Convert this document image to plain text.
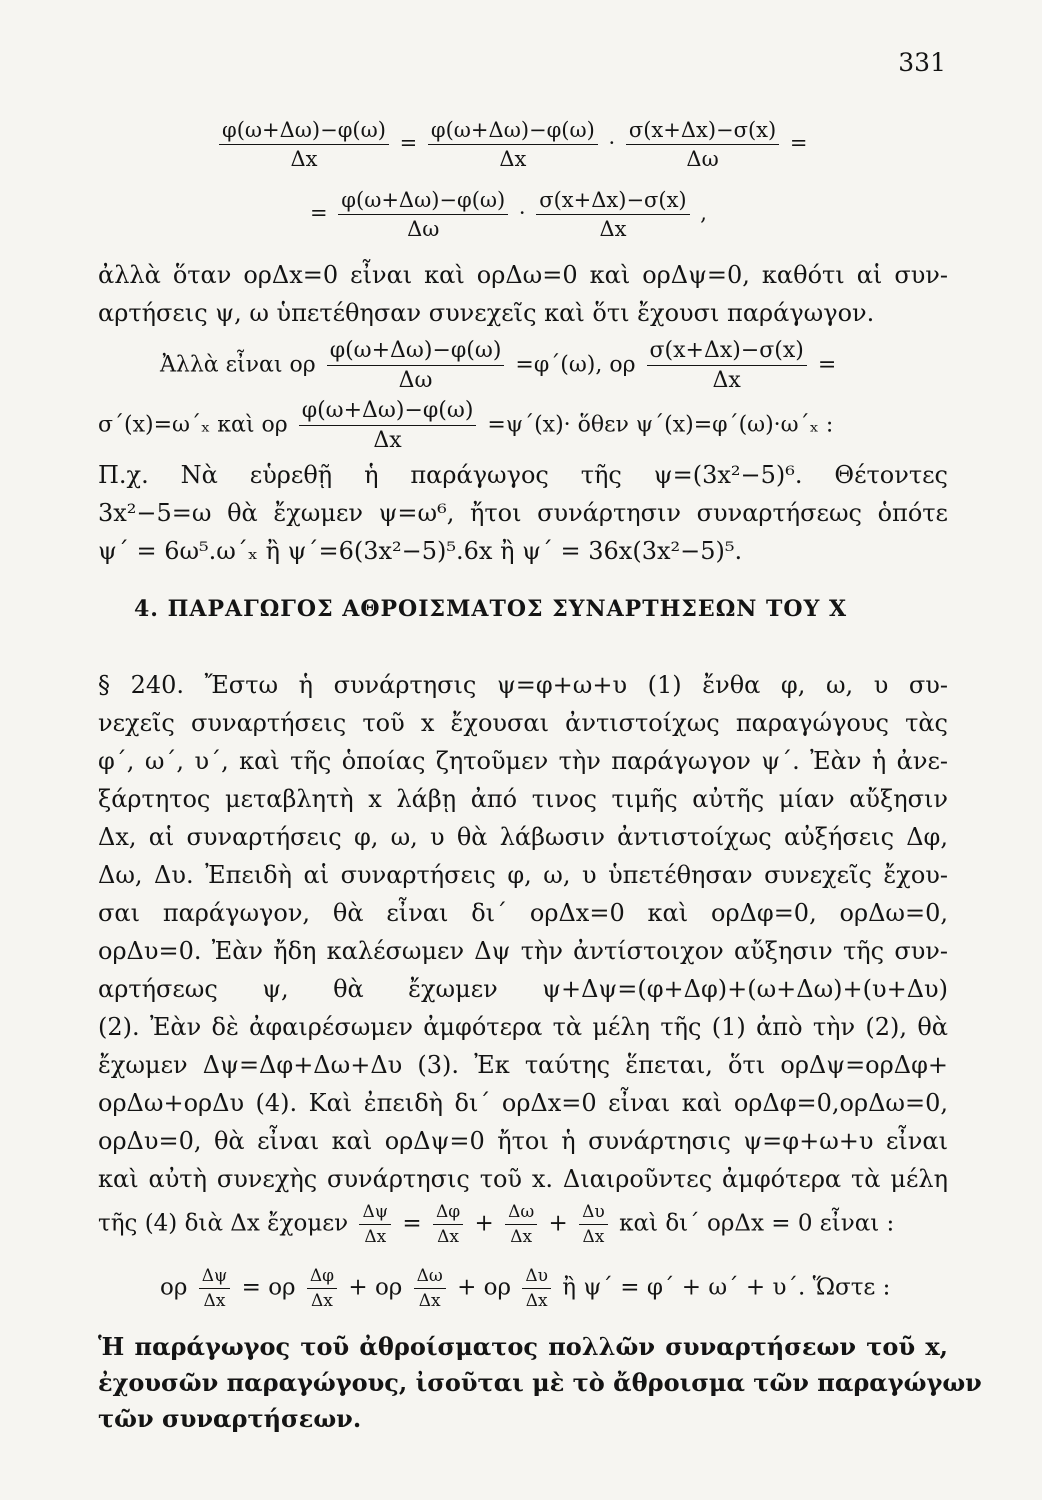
331
$\frac{\varphi(\omega+\Delta\omega)-\varphi(\omega)}{\Delta x} = \frac{\varphi(\omega+\Delta\omega)-\varphi(\omega)}{\Delta x} \cdot \frac{\sigma(x+\Delta x)-\sigma(x)}{\Delta\omega}$ =
= $\frac{\varphi(\omega+\Delta\omega)-\varphi(\omega)}{\Delta\omega} \cdot \frac{\sigma(x+\Delta x)-\sigma(x)}{\Delta x}$ ,
ἀλλὰ ὅταν ορΔx=0 εἶναι καὶ ορΔω=0 καὶ ορΔψ=0, καθότι αἱ συν-
αρτήσεις ψ, ω ὑπετέθησαν συνεχεῖς καὶ ὅτι ἔχουσι παράγωγον.
Ἀλλὰ εἶναι ορ $\frac{\varphi(\omega+\Delta\omega)-\varphi(\omega)}{\Delta\omega} =\varphi΄(\omega)$, ορ $\frac{\sigma(x+\Delta x)-\sigma(x)}{\Delta x}$ =
σ΄(x)=ω΄ₓ καὶ ορ $\frac{\varphi(\omega+\Delta\omega)-\varphi(\omega)}{\Delta x} =\psi΄(x)\cdot$ ὅθεν ψ΄(x)=φ΄(ω)·ω΄ₓ :
Π.χ. Νὰ εὑρεθῇ ἡ παράγωγος τῆς ψ=(3x²−5)⁶. Θέτοντες
3x²−5=ω θὰ ἔχωμεν ψ=ω⁶, ἤτοι συνάρτησιν συναρτήσεως ὁπότε
ψ΄ = 6ω⁵.ω΄ₓ ἢ ψ΄=6(3x²−5)⁵.6x ἢ ψ΄ = 36x(3x²−5)⁵.
4. ΠΑΡΑΓΩΓΟΣ ΑΘΡΟΙΣΜΑΤΟΣ ΣΥΝΑΡΤΗΣΕΩΝ ΤΟΥ Χ
§ 240. Ἔστω ἡ συνάρτησις ψ=φ+ω+υ (1) ἔνθα φ, ω, υ συ-
νεχεῖς συναρτήσεις τοῦ x ἔχουσαι ἀντιστοίχως παραγώγους τὰς
φ΄, ω΄, υ΄, καὶ τῆς ὁποίας ζητοῦμεν τὴν παράγωγον ψ΄. Ἐὰν ἡ ἀνε-
ξάρτητος μεταβλητὴ x λάβῃ ἀπό τινος τιμῆς αὐτῆς μίαν αὔξησιν
Δx, αἱ συναρτήσεις φ, ω, υ θὰ λάβωσιν ἀντιστοίχως αὐξήσεις Δφ,
Δω, Δυ. Ἐπειδὴ αἱ συναρτήσεις φ, ω, υ ὑπετέθησαν συνεχεῖς ἔχου-
σαι παράγωγον, θὰ εἶναι δι΄ ορΔx=0 καὶ ορΔφ=0, ορΔω=0,
ορΔυ=0. Ἐὰν ἤδη καλέσωμεν Δψ τὴν ἀντίστοιχον αὔξησιν τῆς συν-
αρτήσεως ψ, θὰ ἔχωμεν ψ+Δψ=(φ+Δφ)+(ω+Δω)+(υ+Δυ)
(2). Ἐὰν δὲ ἀφαιρέσωμεν ἀμφότερα τὰ μέλη τῆς (1) ἀπὸ τὴν (2), θὰ
ἔχωμεν Δψ=Δφ+Δω+Δυ (3). Ἐκ ταύτης ἕπεται, ὅτι ορΔψ=ορΔφ+
ορΔω+ορΔυ (4). Καὶ ἐπειδὴ δι΄ ορΔx=0 εἶναι καὶ ορΔφ=0,ορΔω=0,
ορΔυ=0, θὰ εἶναι καὶ ορΔψ=0 ἤτοι ἡ συνάρτησις ψ=φ+ω+υ εἶναι
καὶ αὐτὴ συνεχὴς συνάρτησις τοῦ x. Διαιροῦντες ἀμφότερα τὰ μέλη
τῆς (4) διὰ Δx ἔχομεν $\frac{\Delta\psi}{\Delta x} = \frac{\Delta\varphi}{\Delta x} + \frac{\Delta\omega}{\Delta x} + \frac{\Delta\upsilon}{\Delta x}$ καὶ δι΄ ορΔx = 0 εἶναι :
ορ $\frac{\Delta\psi}{\Delta x} = o\rho \frac{\Delta\varphi}{\Delta x} + o\rho \frac{\Delta\omega}{\Delta x} + o\rho \frac{\Delta\upsilon}{\Delta x}$ ἢ ψ΄ = φ΄ + ω΄ + υ΄. Ὥστε :
Ἡ παράγωγος τοῦ ἀθροίσματος πολλῶν συναρτήσεων τοῦ x,
ἐχουσῶν παραγώγους, ἰσοῦται μὲ τὸ ἄθροισμα τῶν παραγώγων
τῶν συναρτήσεων.
